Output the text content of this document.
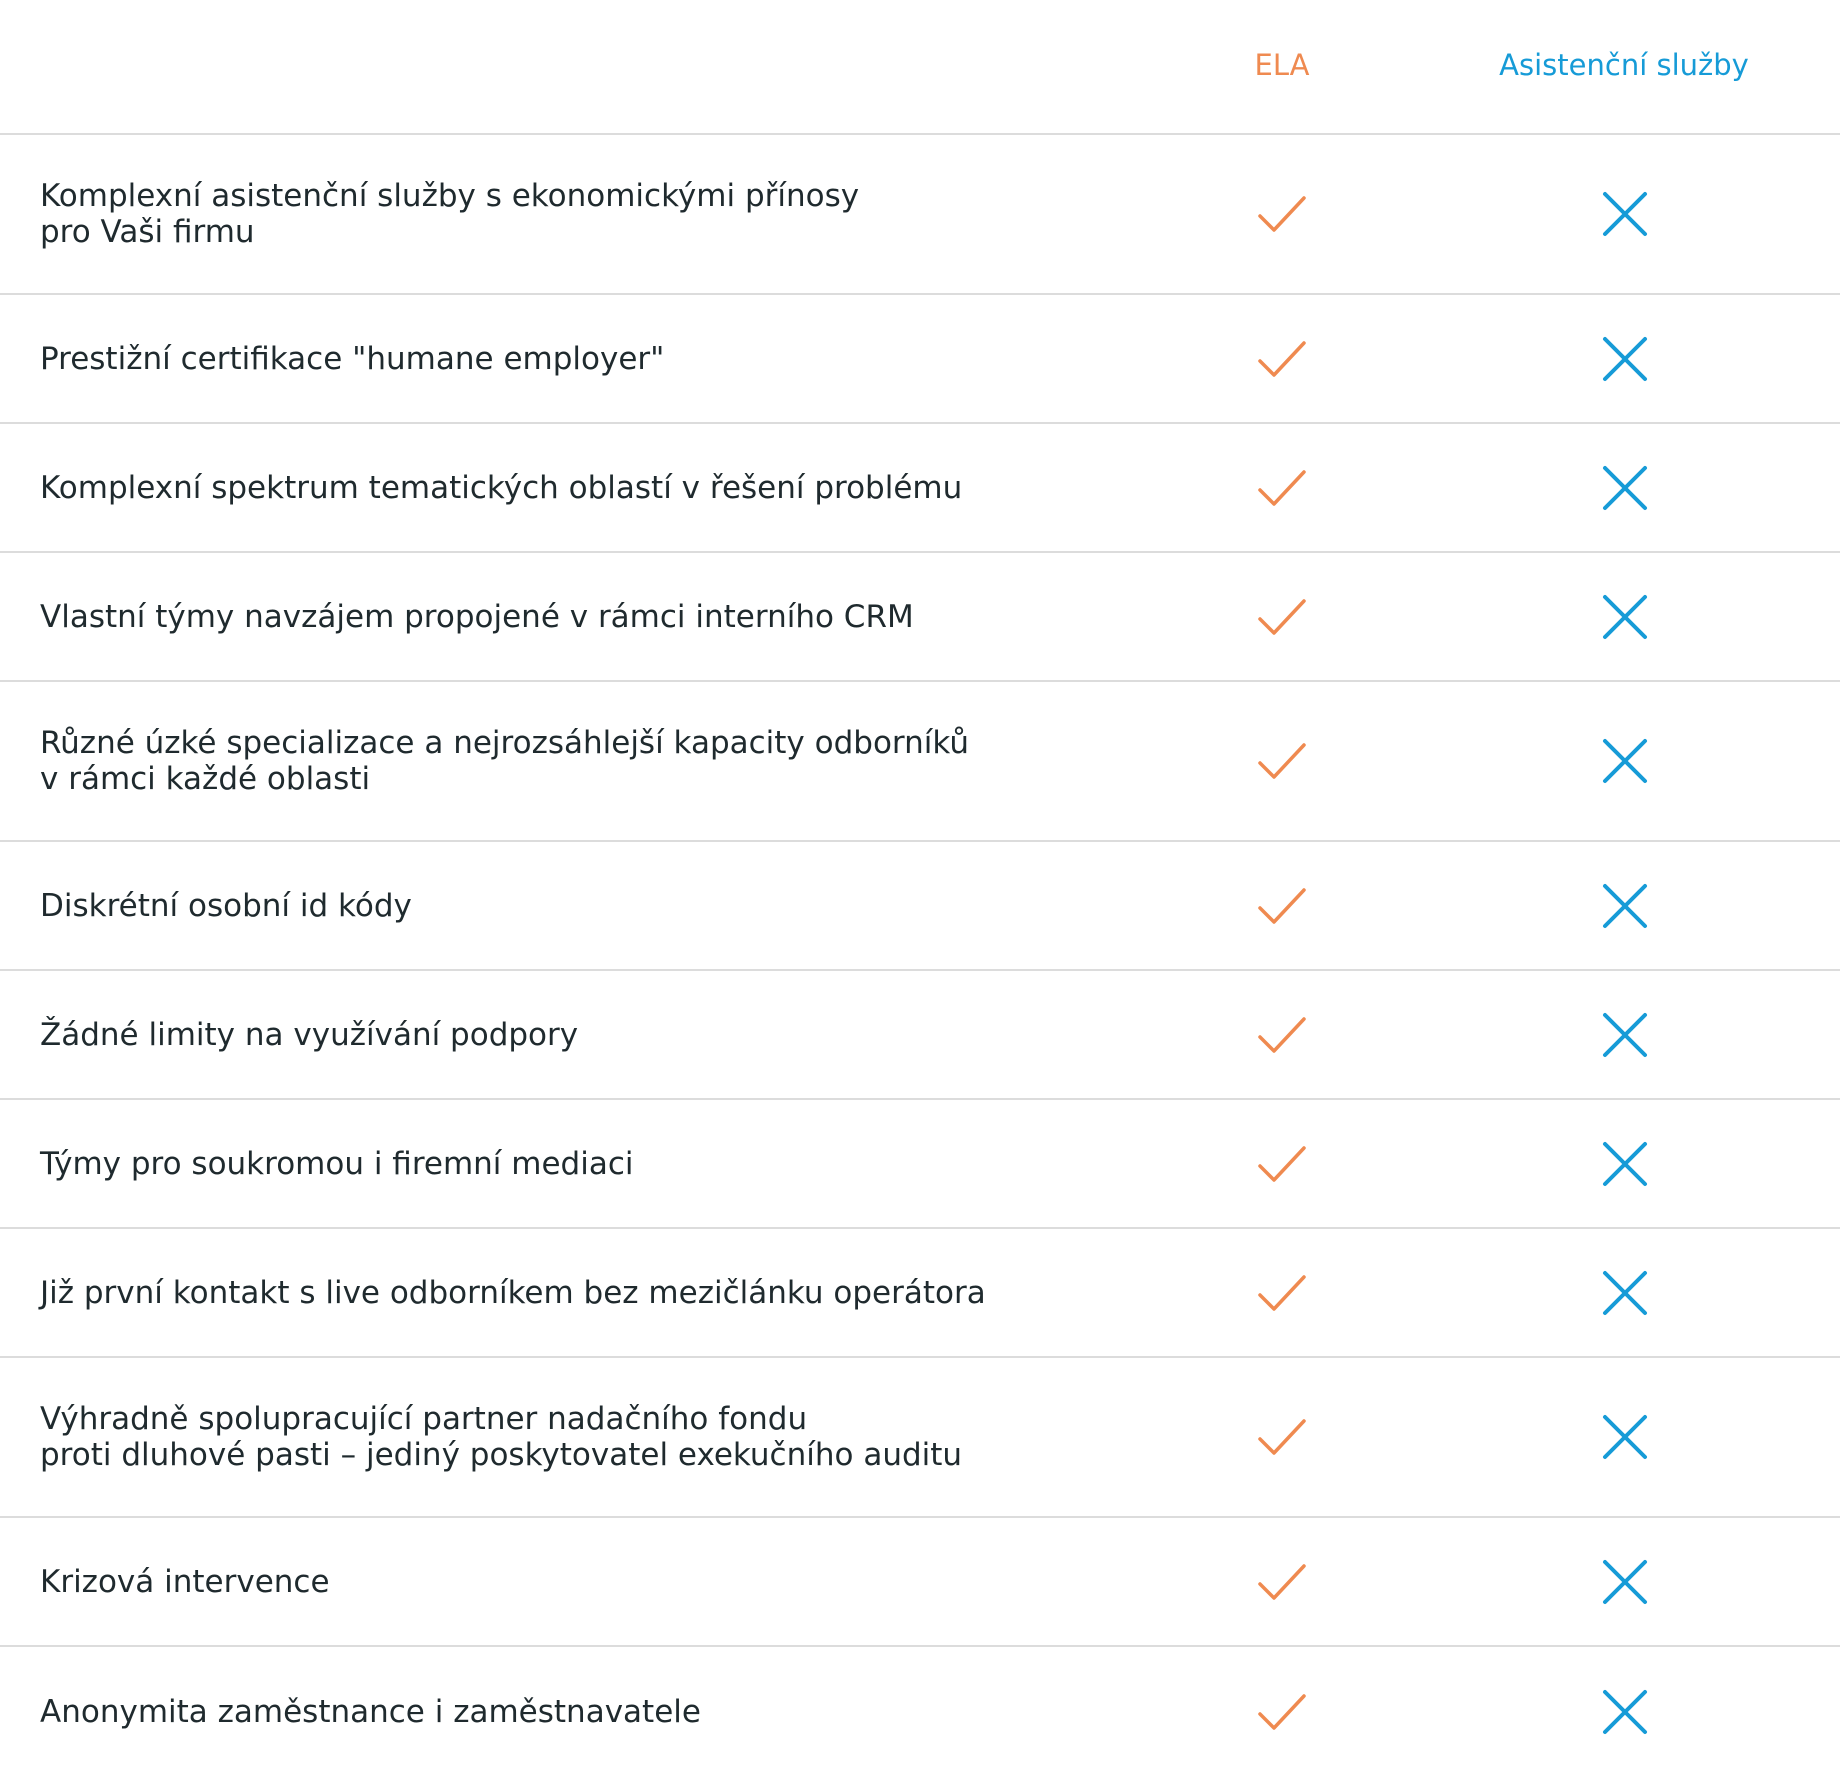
ELA	Asistenční služby
Komplexní asistenční služby s ekonomickými přínosy
pro Vaši firmu
Prestižní certifikace "humane employer"
Komplexní spektrum tematických oblastí v řešení problému
Vlastní týmy navzájem propojené v rámci interního CRM
Různé úzké specializace a nejrozsáhlejší kapacity odborníků
v rámci každé oblasti
Diskrétní osobní id kódy
Žádné limity na využívání podpory
Týmy pro soukromou i firemní mediaci
Již první kontakt s live odborníkem bez mezičlánku operátora
Výhradně spolupracující partner nadačního fondu
proti dluhové pasti – jediný poskytovatel exekučního auditu
Krizová intervence
Anonymita zaměstnance i zaměstnavatele
